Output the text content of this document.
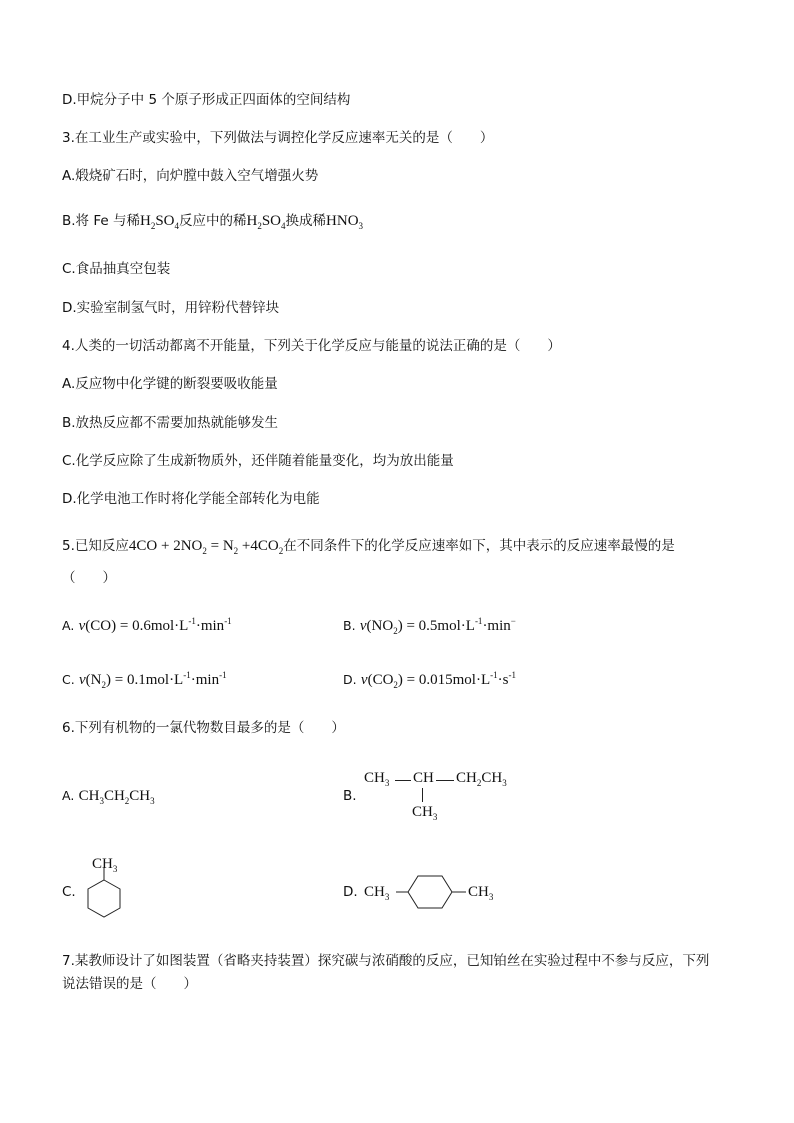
D.甲烷分子中 5 个原子形成正四面体的空间结构
3.在工业生产或实验中，下列做法与调控化学反应速率无关的是（　　）
A.煅烧矿石时，向炉膛中鼓入空气增强火势
B.将 Fe 与稀$H_2SO_4$反应中的稀$H_2SO_4$换成稀$HNO_3$
C.食品抽真空包装
D.实验室制氢气时，用锌粉代替锌块
4.人类的一切活动都离不开能量，下列关于化学反应与能量的说法正确的是（　　）
A.反应物中化学键的断裂要吸收能量
B.放热反应都不需要加热就能够发生
C.化学反应除了生成新物质外，还伴随着能量变化，均为放出能量
D.化学电池工作时将化学能全部转化为电能
5.已知反应$4CO + 2NO_2 = N_2 +4CO_2$在不同条件下的化学反应速率如下，其中表示的反应速率最慢的是
（　　）
A. $v(CO) = 0.6mol\cdot L^{-1}\cdot\min^{-1}$	B. $v(NO_2) = 0.5mol\cdot L^{-1}\cdot\min^-$
C. $v(N_2) = 0.1mol\cdot L^{-1}\cdot\min^{-1}$	D. $v(CO_2) = 0.015mol\cdot L^{-1}\cdot s^{-1}$
6.下列有机物的一氯代物数目最多的是（　　）
A. $CH_3CH_2CH_3$	B.
$CH_3$ CH $CH_2CH_3$
$CH_3$
C.
$CH_3$
D. $CH_3$	$CH_3$
7.某教师设计了如图装置（省略夹持装置）探究碳与浓硝酸的反应，已知铂丝在实验过程中不参与反应，下列
说法错误的是（　　）
